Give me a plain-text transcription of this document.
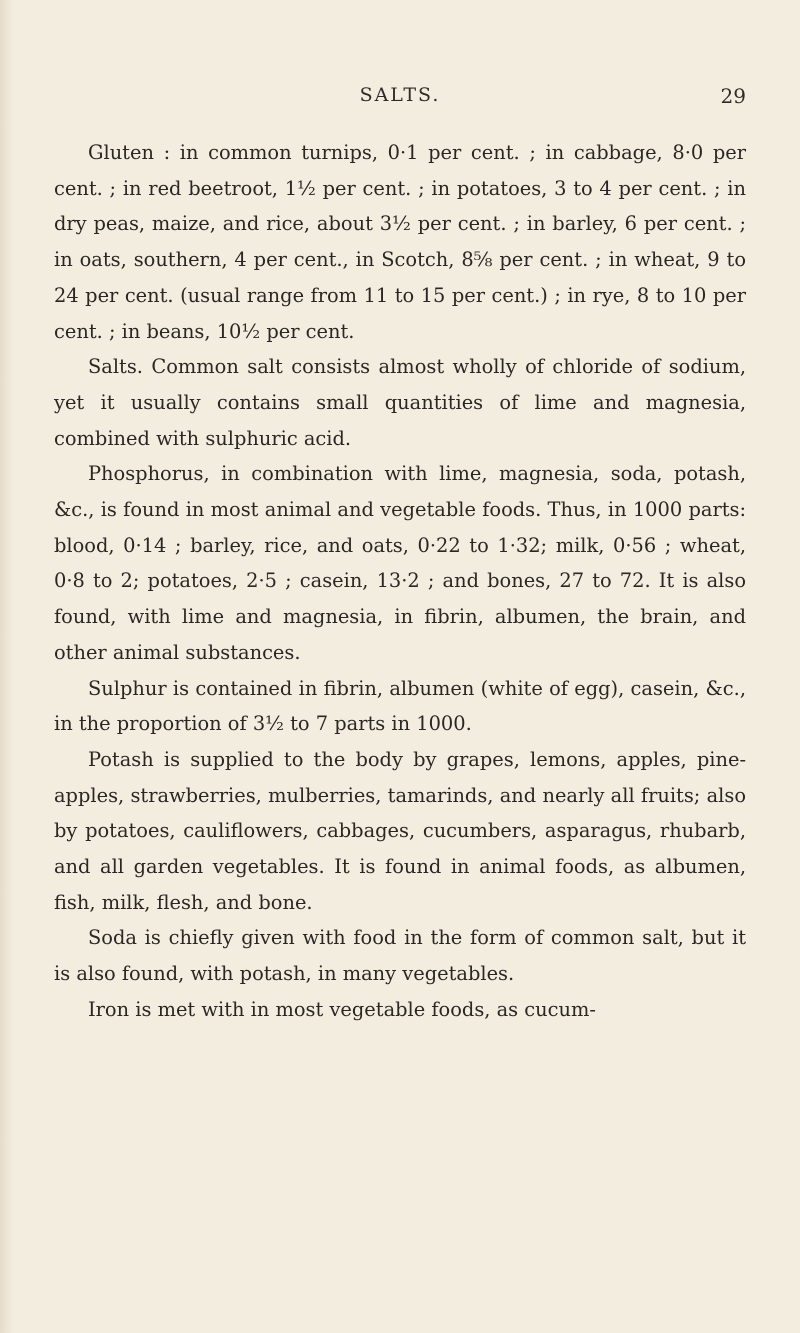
SALTS.	29

Gluten : in common turnips, 0·1 per cent. ; in cabbage, 8·0 per cent. ; in red beetroot, 1½ per cent. ; in potatoes, 3 to 4 per cent. ; in dry peas, maize, and rice, about 3½ per cent. ; in barley, 6 per cent. ; in oats, southern, 4 per cent., in Scotch, 8⅝ per cent. ; in wheat, 9 to 24 per cent. (usual range from 11 to 15 per cent.) ; in rye, 8 to 10 per cent. ; in beans, 10½ per cent.

Salts. Common salt consists almost wholly of chloride of sodium, yet it usually contains small quantities of lime and magnesia, combined with sulphuric acid.

Phosphorus, in combination with lime, magnesia, soda, potash, &c., is found in most animal and vegetable foods. Thus, in 1000 parts: blood, 0·14 ; barley, rice, and oats, 0·22 to 1·32; milk, 0·56 ; wheat, 0·8 to 2; potatoes, 2·5 ; casein, 13·2 ; and bones, 27 to 72. It is also found, with lime and magnesia, in fibrin, albumen, the brain, and other animal substances.

Sulphur is contained in fibrin, albumen (white of egg), casein, &c., in the proportion of 3½ to 7 parts in 1000.

Potash is supplied to the body by grapes, lemons, apples, pine-apples, strawberries, mulberries, tamarinds, and nearly all fruits; also by potatoes, cauliflowers, cabbages, cucumbers, asparagus, rhubarb, and all garden vegetables. It is found in animal foods, as albumen, fish, milk, flesh, and bone.

Soda is chiefly given with food in the form of common salt, but it is also found, with potash, in many vegetables.

Iron is met with in most vegetable foods, as cucum-
